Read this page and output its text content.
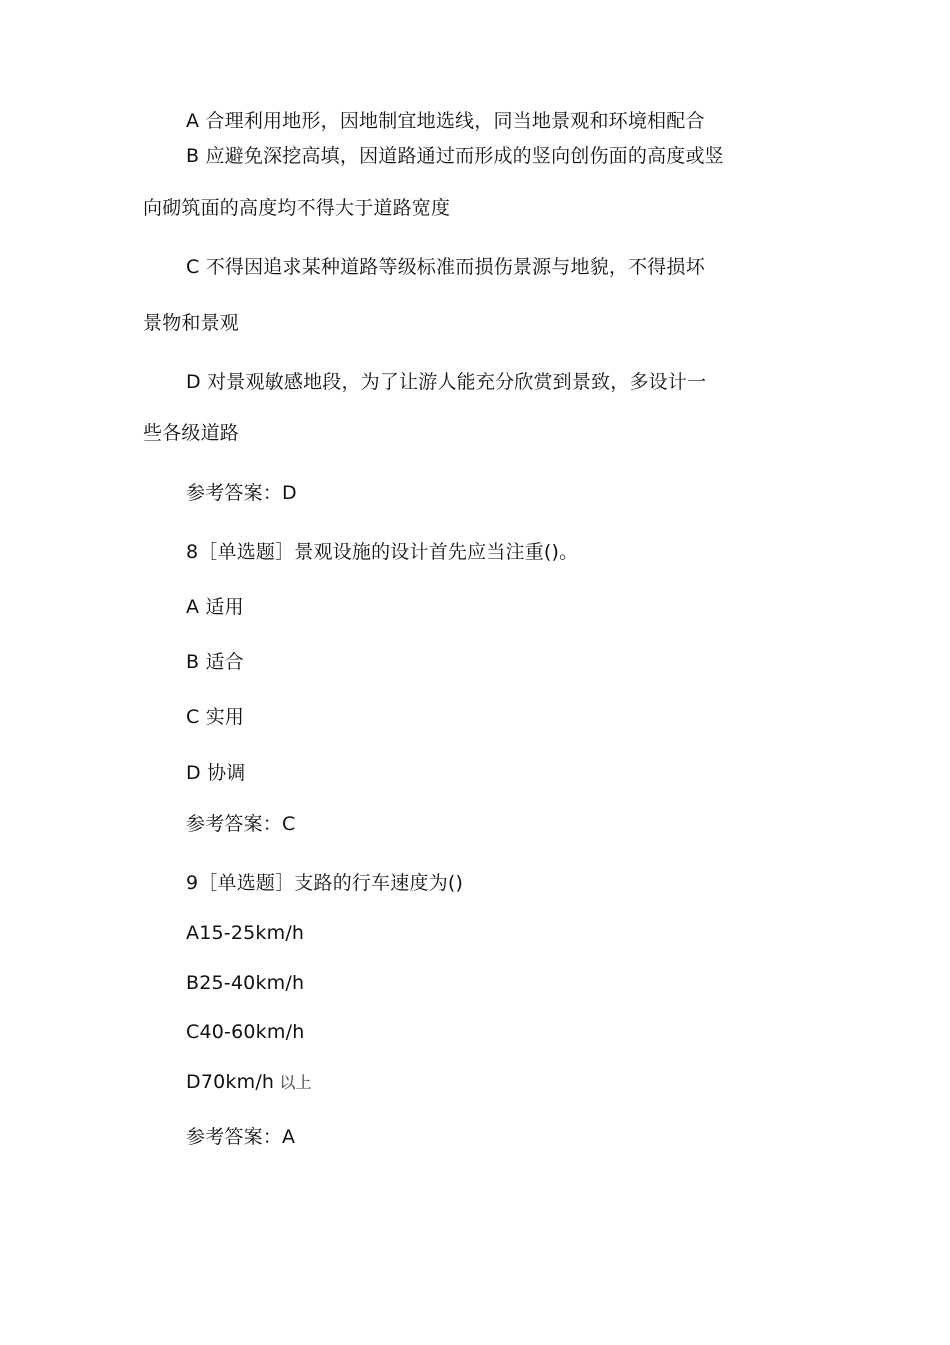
A 合理利用地形，因地制宜地选线，同当地景观和环境相配合
B 应避免深挖高填，因道路通过而形成的竖向创伤面的高度或竖
向砌筑面的高度均不得大于道路宽度
C 不得因追求某种道路等级标准而损伤景源与地貌，不得损坏
景物和景观
D 对景观敏感地段，为了让游人能充分欣赏到景致，多设计一
些各级道路
参考答案：D
8［单选题］景观设施的设计首先应当注重()。
A 适用
B 适合
C 实用
D 协调
参考答案：C
9［单选题］支路的行车速度为()
A15-25km/h
B25-40km/h
C40-60km/h
D70km/h 以上
参考答案：A
